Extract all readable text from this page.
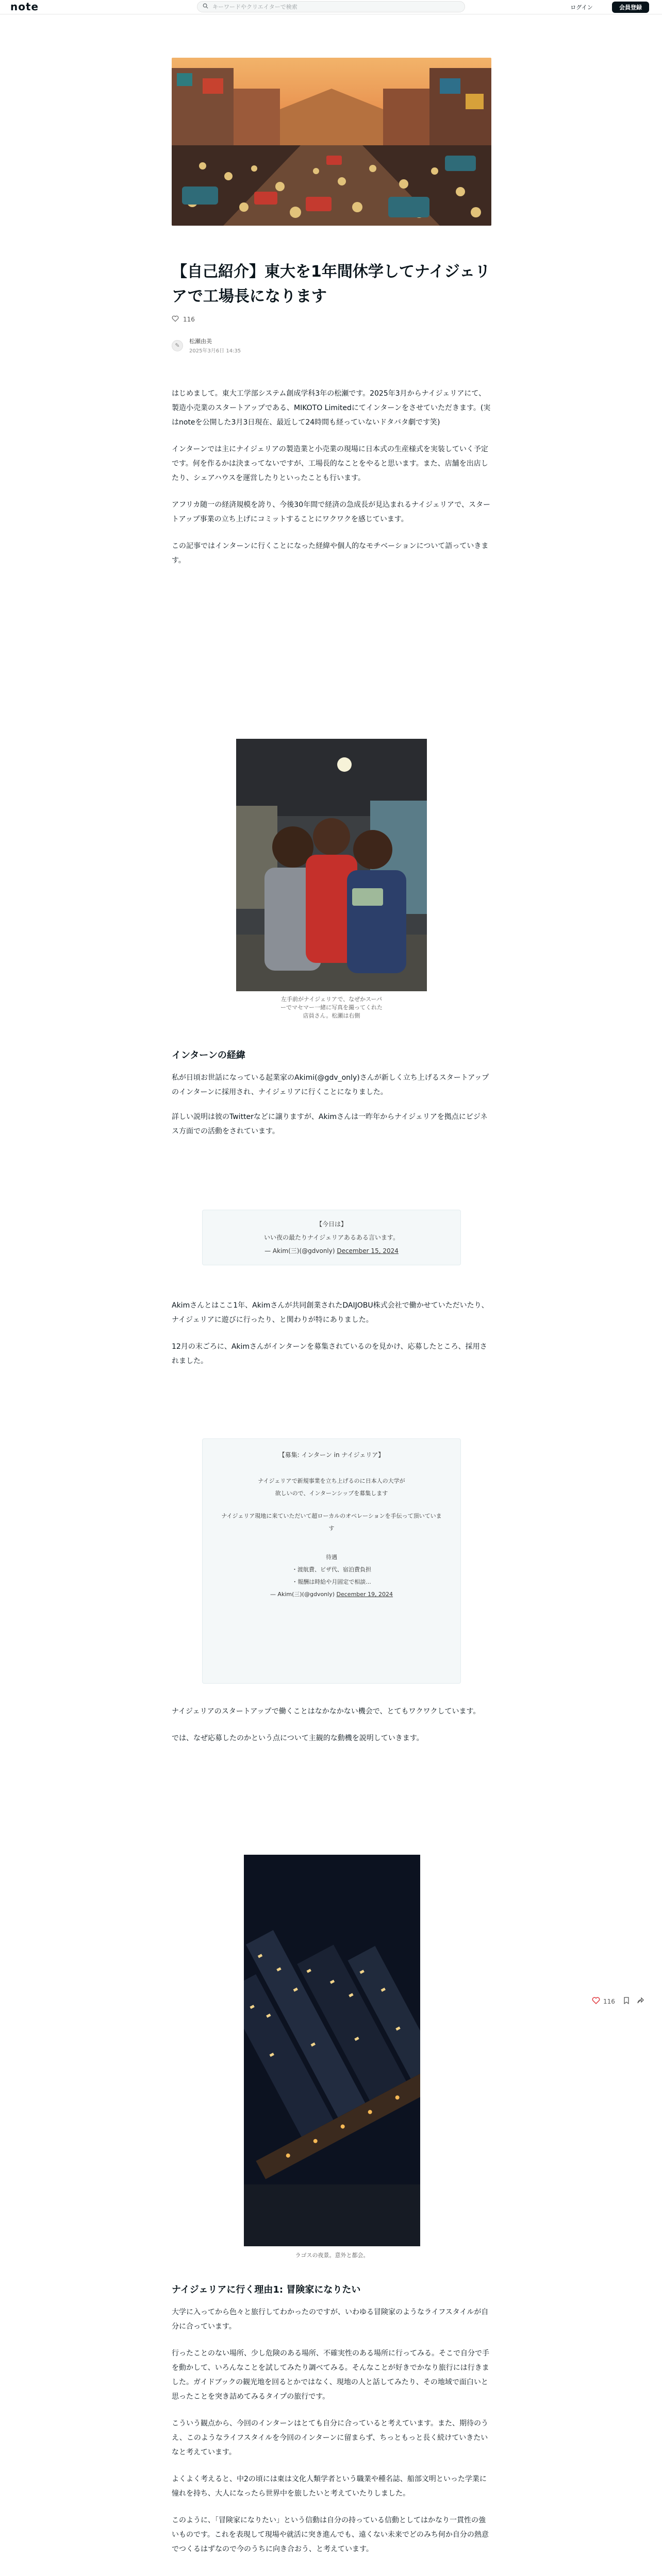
note	キーワードやクリエイターで検索	ログイン	会員登録
【自己紹介】東大を1年間休学してナイジェリアで工場長になります
116
✎
松瀬由美
2025年3月6日 14:35

はじめまして。東大工学部システム創成学科3年の松瀬です。2025年3月からナイジェリアにて、製造小売業のスタートアップである、MIKOTO Limitedにてインターンをさせていただきます。(実はnoteを公開した3月3日現在、最近して24時間も経っていないドタバタ劇です笑)

インターンでは主にナイジェリアの製造業と小売業の現場に日本式の生産様式を実装していく予定です。何を作るかは決まってないですが、工場長的なことをやると思います。また、店舗を出店したり、シェアハウスを運営したりといったことも行います。

アフリカ随一の経済規模を誇り、今後30年間で経済の急成長が見込まれるナイジェリアで、スタートアップ事業の立ち上げにコミットすることにワクワクを感じています。

この記事ではインターンに行くことになった経緯や個人的なモチベーションについて語っていきます。

左手前がナイジェリアで、なぜかスーパーでマセマー一緒に写真を撮ってくれた店員さん。松瀬は右側

インターンの経緯

私が日頃お世話になっている起業家のAkimi(@gdv_only)さんが新しく立ち上げるスタートアップのインターンに採用され、ナイジェリアに行くことになりました。

詳しい説明は彼のTwitterなどに譲りますが、Akimさんは一昨年からナイジェリアを拠点にビジネス方面での活動をされています。

【今日は】
いい夜の最たりナイジェリアあるある言います。
— Akim(三)(@gdvonly) December 15, 2024

Akimさんとはここ1年、Akimさんが共同創業されたDAIJOBU株式会社で働かせていただいたり、ナイジェリアに遊びに行ったり、と関わりが特にありました。

12月の末ごろに、Akimさんがインターンを募集されているのを見かけ、応募したところ、採用されました。

【募集: インターン in ナイジェリア】
ナイジェリアで新規事業を立ち上げるのに日本人の大学が
欲しいので、インターンシップを募集します
ナイジェリア現地に来ていただいて超ローカルのオペレーションを手伝って頂いています
待遇
・渡航費、ビザ代、宿泊費負担
・報酬は時給や月固定で相談...
— Akim(三)(@gdvonly) December 19, 2024

ナイジェリアのスタートアップで働くことはなかなかない機会で、とてもワクワクしています。

では、なぜ応募したのかという点について主観的な動機を説明していきます。

ラゴスの夜景。意外と都会。

ナイジェリアに行く理由1: 冒険家になりたい

大学に入ってから色々と旅行してわかったのですが、いわゆる冒険家のようなライフスタイルが自分に合っています。

行ったことのない場所、少し危険のある場所、不確実性のある場所に行ってみる。そこで自分で手を動かして、いろんなことを試してみたり調べてみる。そんなことが好きでかなり旅行には行きました。ガイドブックの観光地を回るとかではなく、現地の人と話してみたり、その地域で面白いと思ったことを突き詰めてみるタイプの旅行です。

こういう観点から、今回のインターンはとても自分に合っていると考えています。また、期待のうえ、このようなライフスタイルを今回のインターンに留まらず、ちっともっと長く続けていきたいなと考えています。

よくよく考えると、中2の頃には東は文化人類学者という職業や種名誌、船部文明といった学業に憧れを持ち、大人になったら世界中を旅したいと考えていたりしました。

このように、「冒険家になりたい」という信動は自分の持っている信動としてはかなり一貫性の強いものです。これを表現して現場や就活に突き進んでも、遠くない未来でどのみち何か自分の熱意でつくるはずなので今のうちに向き合おう、と考えています。

116
